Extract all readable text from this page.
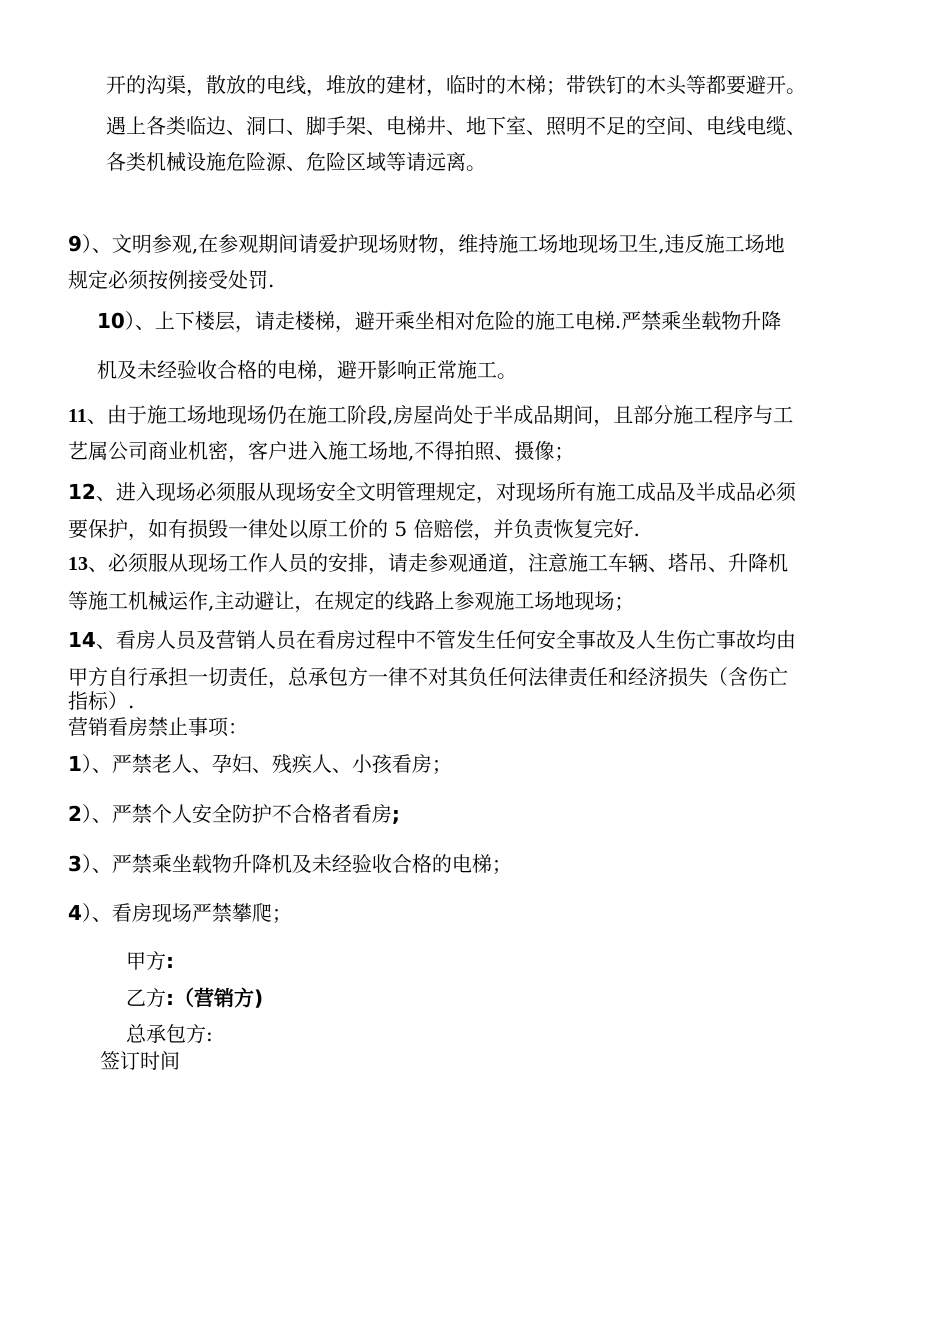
开的沟渠，散放的电线，堆放的建材，临时的木梯；带铁钉的木头等都要避开。
遇上各类临边、洞口、脚手架、电梯井、地下室、照明不足的空间、电线电缆、
各类机械设施危险源、危险区域等请远离。
9）、文明参观,在参观期间请爱护现场财物，维持施工场地现场卫生,违反施工场地
规定必须按例接受处罚.
10）、上下楼层，请走楼梯，避开乘坐相对危险的施工电梯.严禁乘坐载物升降
机及未经验收合格的电梯，避开影响正常施工。
11、由于施工场地现场仍在施工阶段,房屋尚处于半成品期间，且部分施工程序与工
艺属公司商业机密，客户进入施工场地,不得拍照、摄像；
12、进入现场必须服从现场安全文明管理规定，对现场所有施工成品及半成品必须
要保护，如有损毁一律处以原工价的 5 倍赔偿，并负责恢复完好.
13、必须服从现场工作人员的安排，请走参观通道，注意施工车辆、塔吊、升降机
等施工机械运作,主动避让，在规定的线路上参观施工场地现场；
14、看房人员及营销人员在看房过程中不管发生任何安全事故及人生伤亡事故均由
甲方自行承担一切责任，总承包方一律不对其负任何法律责任和经济损失（含伤亡
指标）.
营销看房禁止事项：
1）、严禁老人、孕妇、残疾人、小孩看房；
2）、严禁个人安全防护不合格者看房;
3）、严禁乘坐载物升降机及未经验收合格的电梯；
4）、看房现场严禁攀爬；
甲方:
乙方:（营销方)
总承包方:
签订时间
